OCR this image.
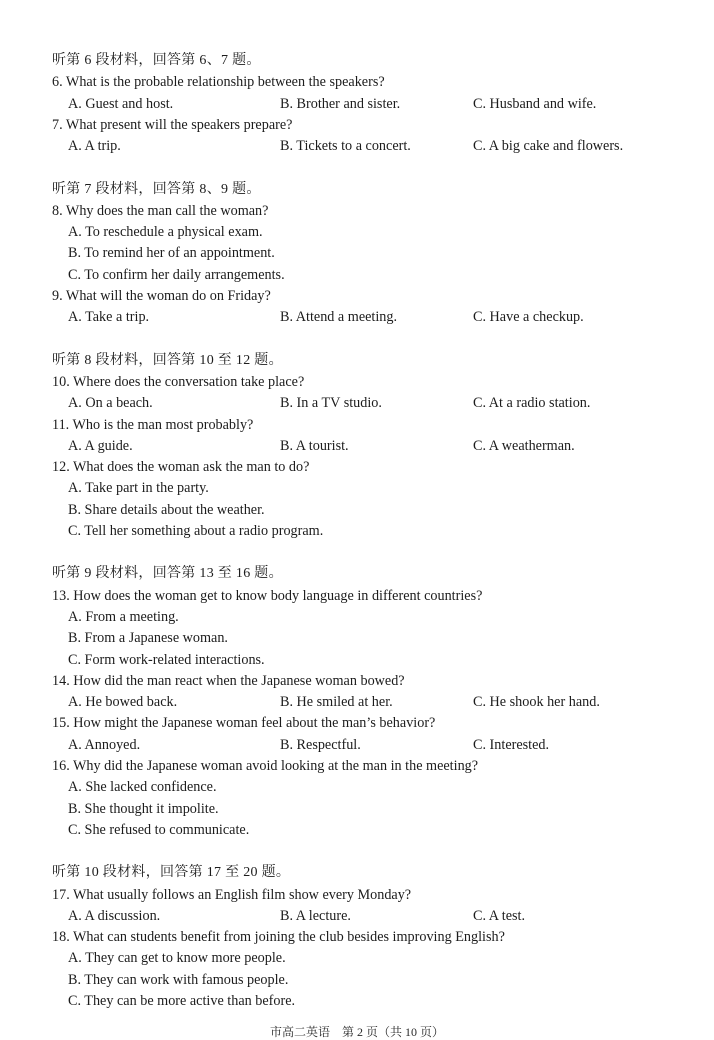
听第 6 段材料，回答第 6、7 题。
6. What is the probable relationship between the speakers?
A. Guest and host.	B. Brother and sister.	C. Husband and wife.
7. What present will the speakers prepare?
A. A trip.	B. Tickets to a concert.	C. A big cake and flowers.
听第 7 段材料，回答第 8、9 题。
8. Why does the man call the woman?
A. To reschedule a physical exam.
B. To remind her of an appointment.
C. To confirm her daily arrangements.
9. What will the woman do on Friday?
A. Take a trip.	B. Attend a meeting.	C. Have a checkup.
听第 8 段材料，回答第 10 至 12 题。
10. Where does the conversation take place?
A. On a beach.	B. In a TV studio.	C. At a radio station.
11. Who is the man most probably?
A. A guide.	B. A tourist.	C. A weatherman.
12. What does the woman ask the man to do?
A. Take part in the party.
B. Share details about the weather.
C. Tell her something about a radio program.
听第 9 段材料，回答第 13 至 16 题。
13. How does the woman get to know body language in different countries?
A. From a meeting.
B. From a Japanese woman.
C. Form work-related interactions.
14. How did the man react when the Japanese woman bowed?
A. He bowed back.	B. He smiled at her.	C. He shook her hand.
15. How might the Japanese woman feel about the man’s behavior?
A. Annoyed.	B. Respectful.	C. Interested.
16. Why did the Japanese woman avoid looking at the man in the meeting?
A. She lacked confidence.
B. She thought it impolite.
C. She refused to communicate.
听第 10 段材料，回答第 17 至 20 题。
17. What usually follows an English film show every Monday?
A. A discussion.	B. A lecture.	C. A test.
18. What can students benefit from joining the club besides improving English?
A. They can get to know more people.
B. They can work with famous people.
C. They can be more active than before.
市高二英语　第 2 页（共 10 页）
